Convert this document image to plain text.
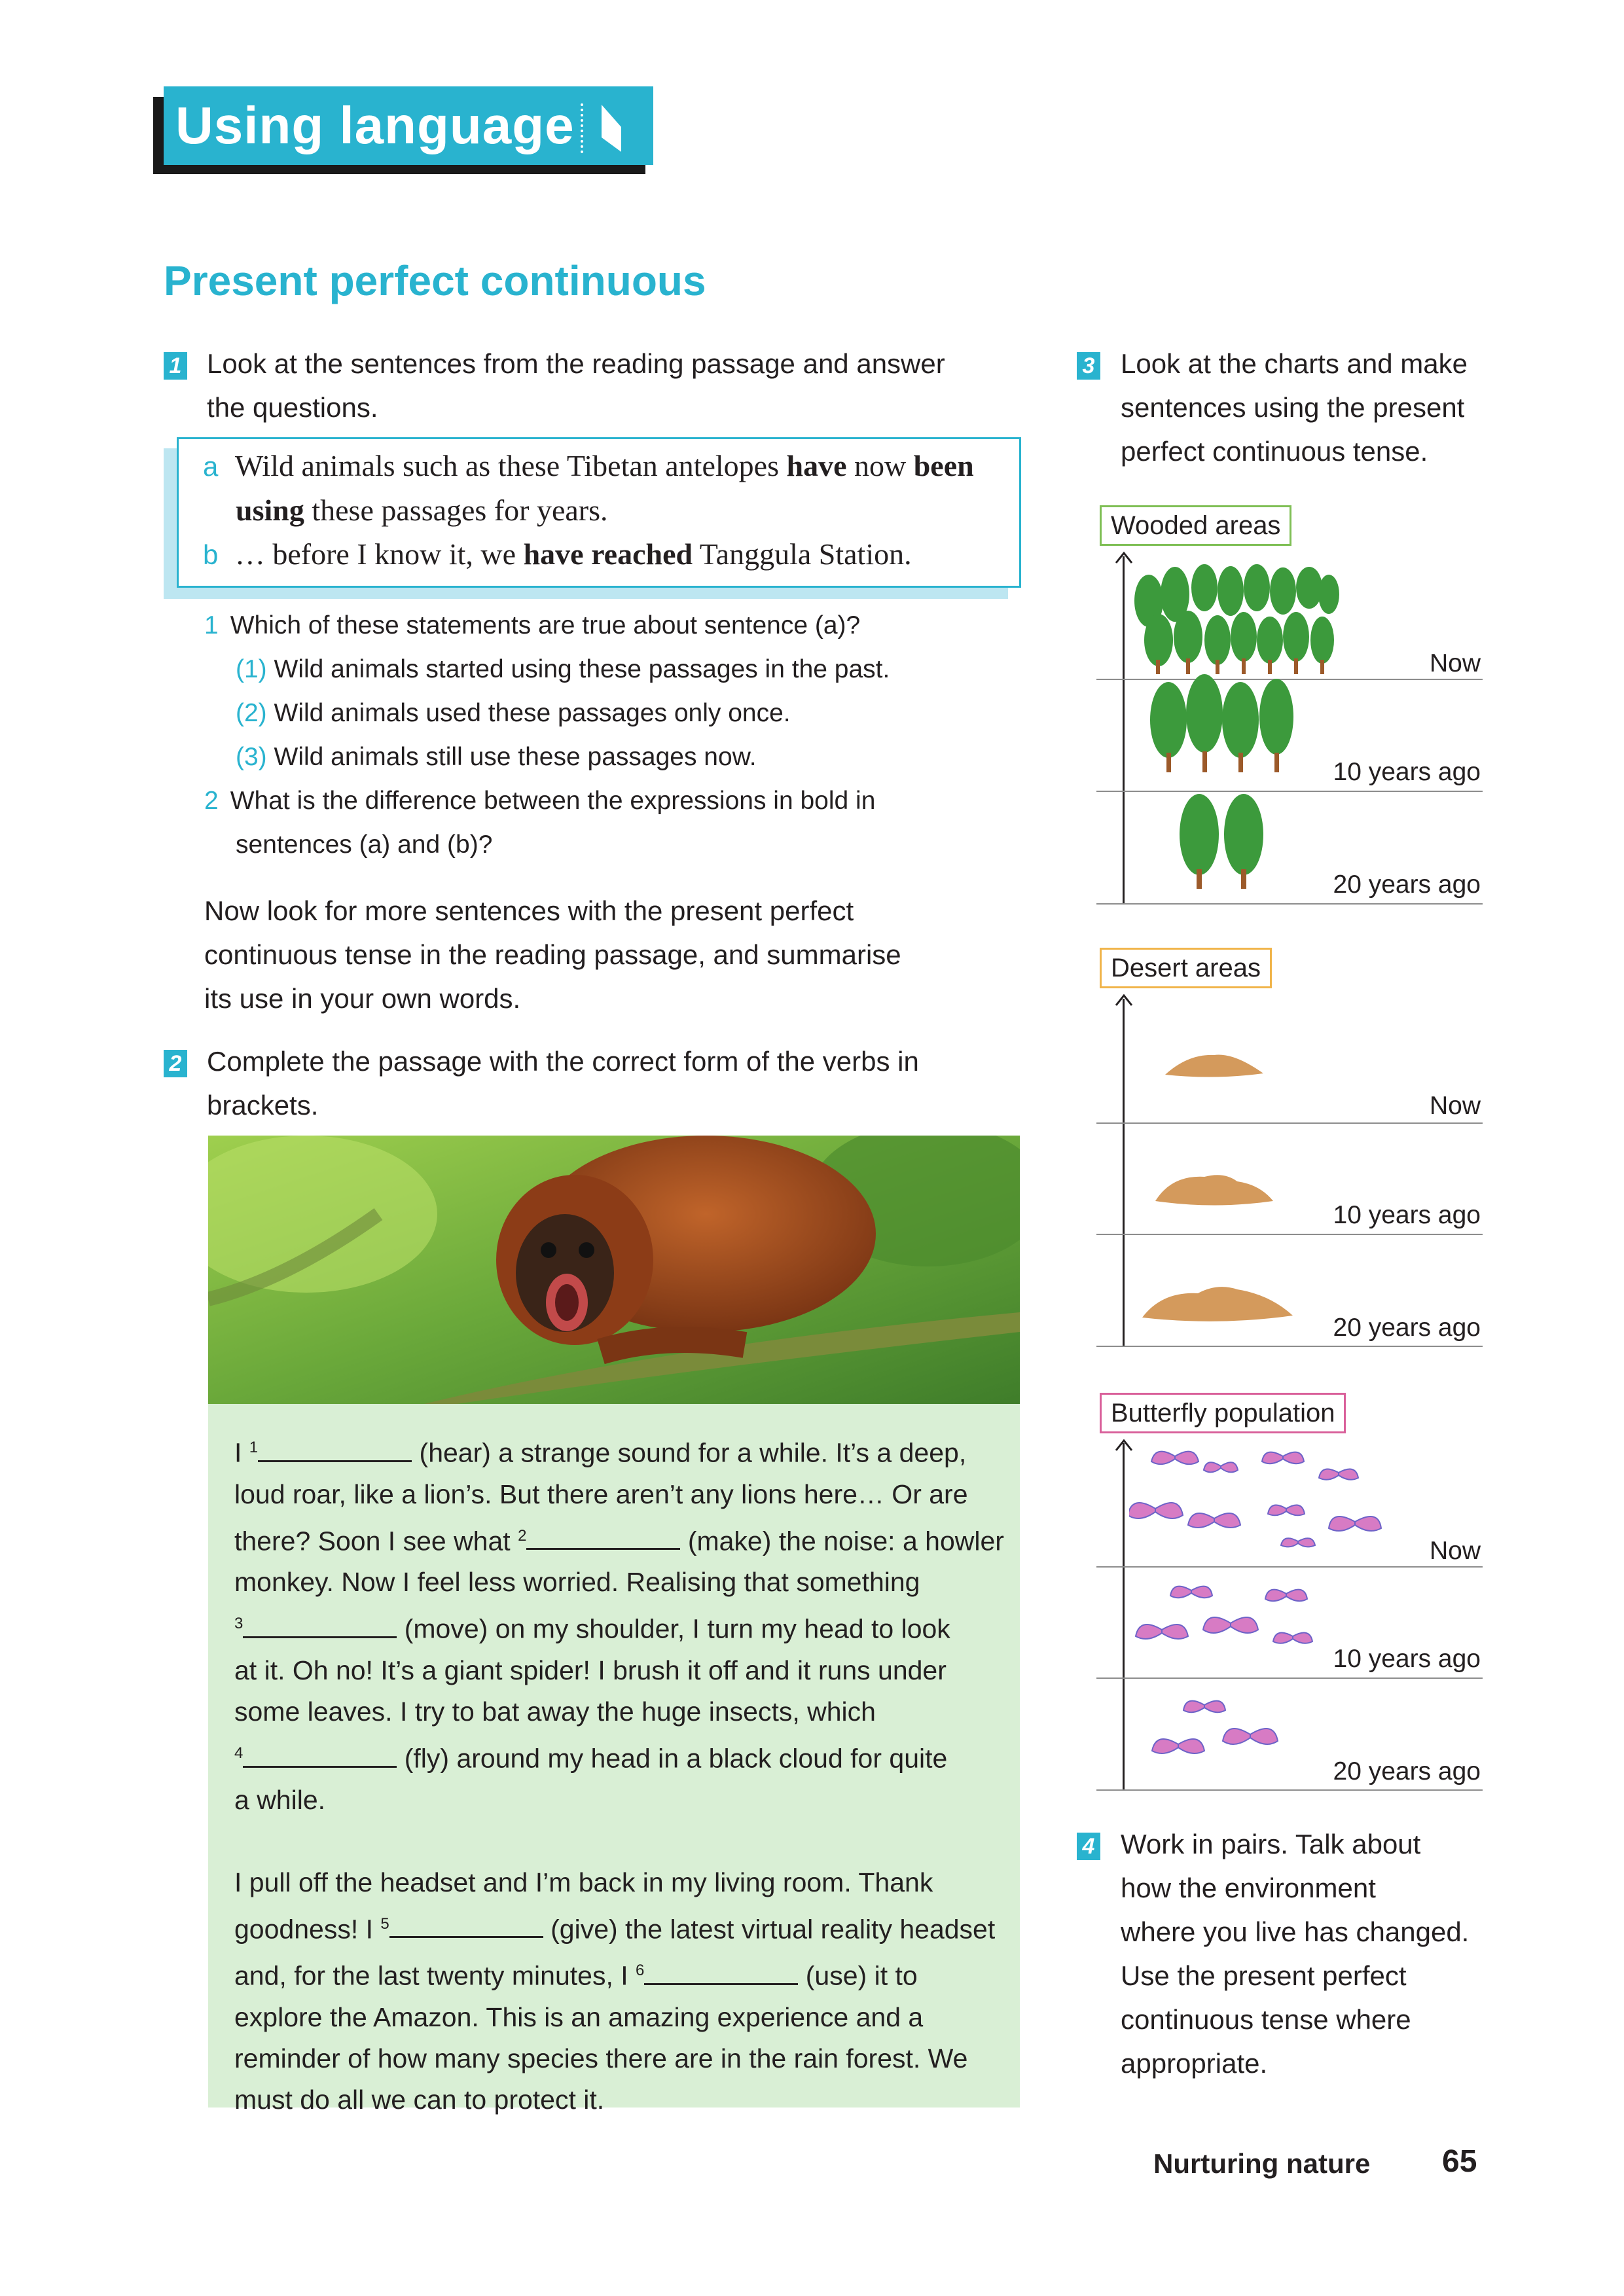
Using language
Present perfect continuous
1 Look at the sentences from the reading passage and answer
the questions.
a Wild animals such as these Tibetan antelopes have now been
using these passages for years.
b … before I know it, we have reached Tanggula Station.
1 Which of these statements are true about sentence (a)?
(1) Wild animals started using these passages in the past.
(2) Wild animals used these passages only once.
(3) Wild animals still use these passages now.
2 What is the difference between the expressions in bold in
sentences (a) and (b)?
Now look for more sentences with the present perfect
continuous tense in the reading passage, and summarise
its use in your own words.
2 Complete the passage with the correct form of the verbs in
brackets.
I $^1$	(hear) a strange sound for a while. It’s a deep,
loud roar, like a lion’s. But there aren’t any lions here… Or are
there? Soon I see what $^2$	(make) the noise: a howler
monkey. Now I feel less worried. Realising that something
$^3$	(move) on my shoulder, I turn my head to look
at it. Oh no! It’s a giant spider! I brush it off and it runs under
some leaves. I try to bat away the huge insects, which
$^4$	(fly) around my head in a black cloud for quite
a while.
I pull off the headset and I’m back in my living room. Thank
goodness! I $^5$	(give) the latest virtual reality headset
and, for the last twenty minutes, I $^6$	(use) it to
explore the Amazon. This is an amazing experience and a
reminder of how many species there are in the rain forest. We
must do all we can to protect it.
3 Look at the charts and make
sentences using the present
perfect continuous tense.
Wooded areas
Now
10 years ago
20 years ago
Desert areas
Now
10 years ago
20 years ago
Butterfly population
Now
10 years ago
20 years ago
4 Work in pairs. Talk about
how the environment
where you live has changed.
Use the present perfect
continuous tense where
appropriate.
Nurturing nature 65
